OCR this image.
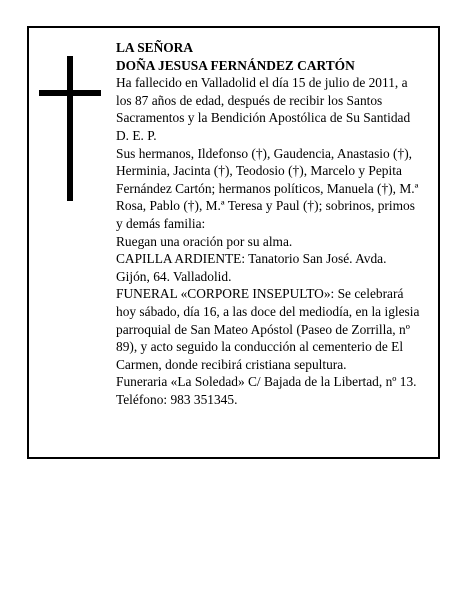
LA SEÑORA

DOÑA JESUSA FERNÁNDEZ CARTÓN

Ha fallecido en Valladolid el día 15 de julio de 2011, a los 87 años de edad, después de recibir los Santos Sacramentos y la Bendición Apostólica de Su Santidad D. E. P.

Sus hermanos, Ildefonso (†), Gaudencia, Anastasio (†), Herminia, Jacinta (†), Teodosio (†), Marcelo y Pepita Fernández Cartón; hermanos políticos, Manuela (†), M.ª Rosa, Pablo (†), M.ª Teresa y Paul (†); sobrinos, primos y demás familia:

Ruegan una oración por su alma.

CAPILLA ARDIENTE: Tanatorio San José. Avda. Gijón, 64. Valladolid.

FUNERAL «CORPORE INSEPULTO»: Se celebrará hoy sábado, día 16, a las doce del mediodía, en la iglesia parroquial de San Mateo Apóstol (Paseo de Zorrilla, nº 89), y acto seguido la conducción al cementerio de El Carmen, donde recibirá cristiana sepultura.

Funeraria «La Soledad» C/ Bajada de la Libertad, nº 13. Teléfono: 983 351345.
